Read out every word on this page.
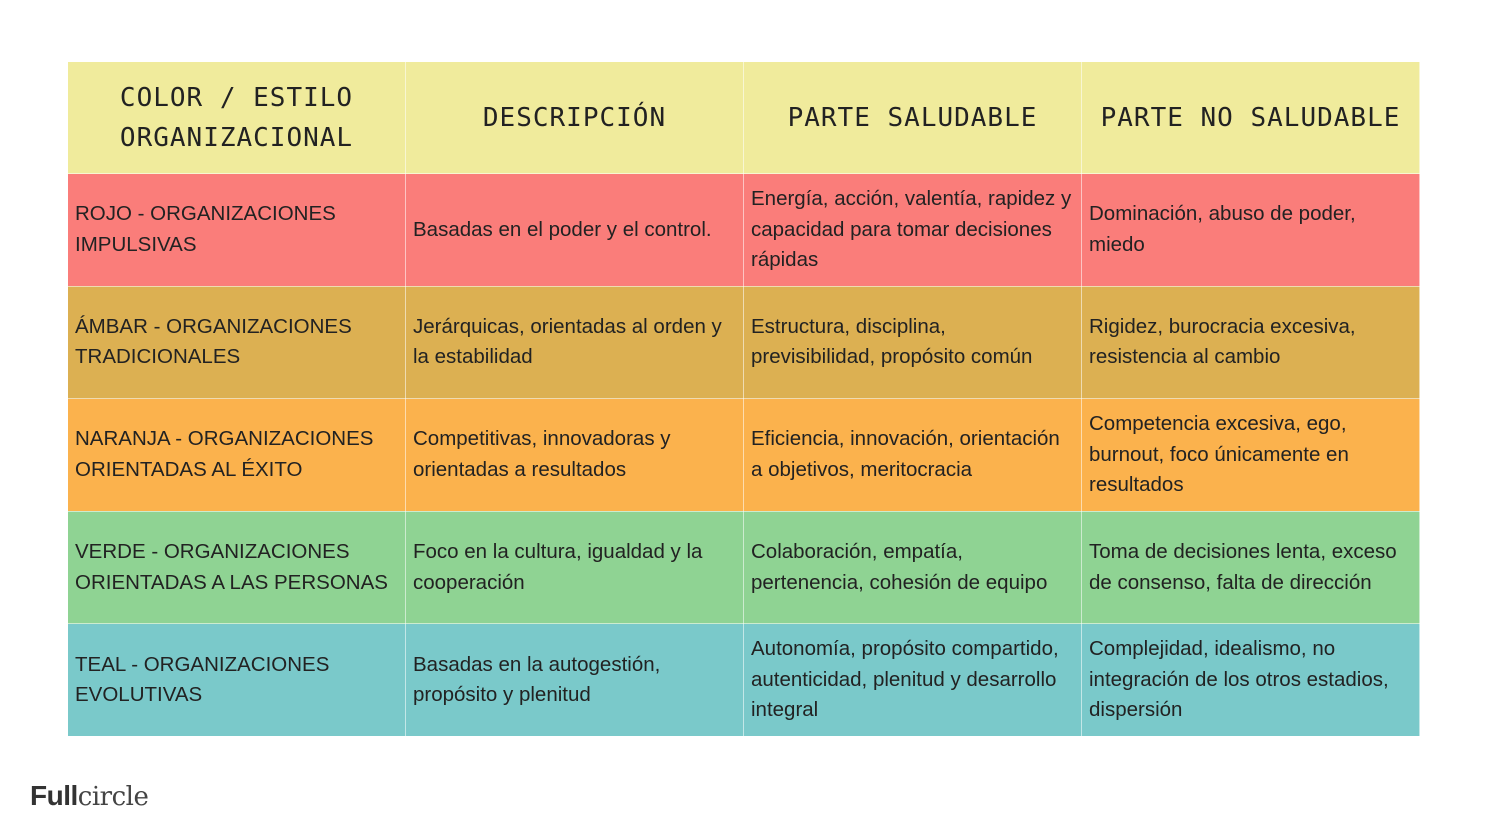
COLOR / ESTILO ORGANIZACIONAL	DESCRIPCIÓN	PARTE SALUDABLE	PARTE NO SALUDABLE
ROJO - ORGANIZACIONES IMPULSIVAS	Basadas en el poder y el control.	Energía, acción, valentía, rapidez y capacidad para tomar decisiones rápidas	Dominación, abuso de poder, miedo
ÁMBAR - ORGANIZACIONES TRADICIONALES	Jerárquicas, orientadas al orden y la estabilidad	Estructura, disciplina, previsibilidad, propósito común	Rigidez, burocracia excesiva, resistencia al cambio
NARANJA - ORGANIZACIONES ORIENTADAS AL ÉXITO	Competitivas, innovadoras y orientadas a resultados	Eficiencia, innovación, orientación a objetivos, meritocracia	Competencia excesiva, ego, burnout, foco únicamente en resultados
VERDE - ORGANIZACIONES ORIENTADAS A LAS PERSONAS	Foco en la cultura, igualdad y la cooperación	Colaboración, empatía, pertenencia, cohesión de equipo	Toma de decisiones lenta, exceso de consenso, falta de dirección
TEAL - ORGANIZACIONES EVOLUTIVAS	Basadas en la autogestión, propósito y plenitud	Autonomía, propósito compartido, autenticidad, plenitud y desarrollo integral	Complejidad, idealismo, no integración de los otros estadios, dispersión
Fullcircle
